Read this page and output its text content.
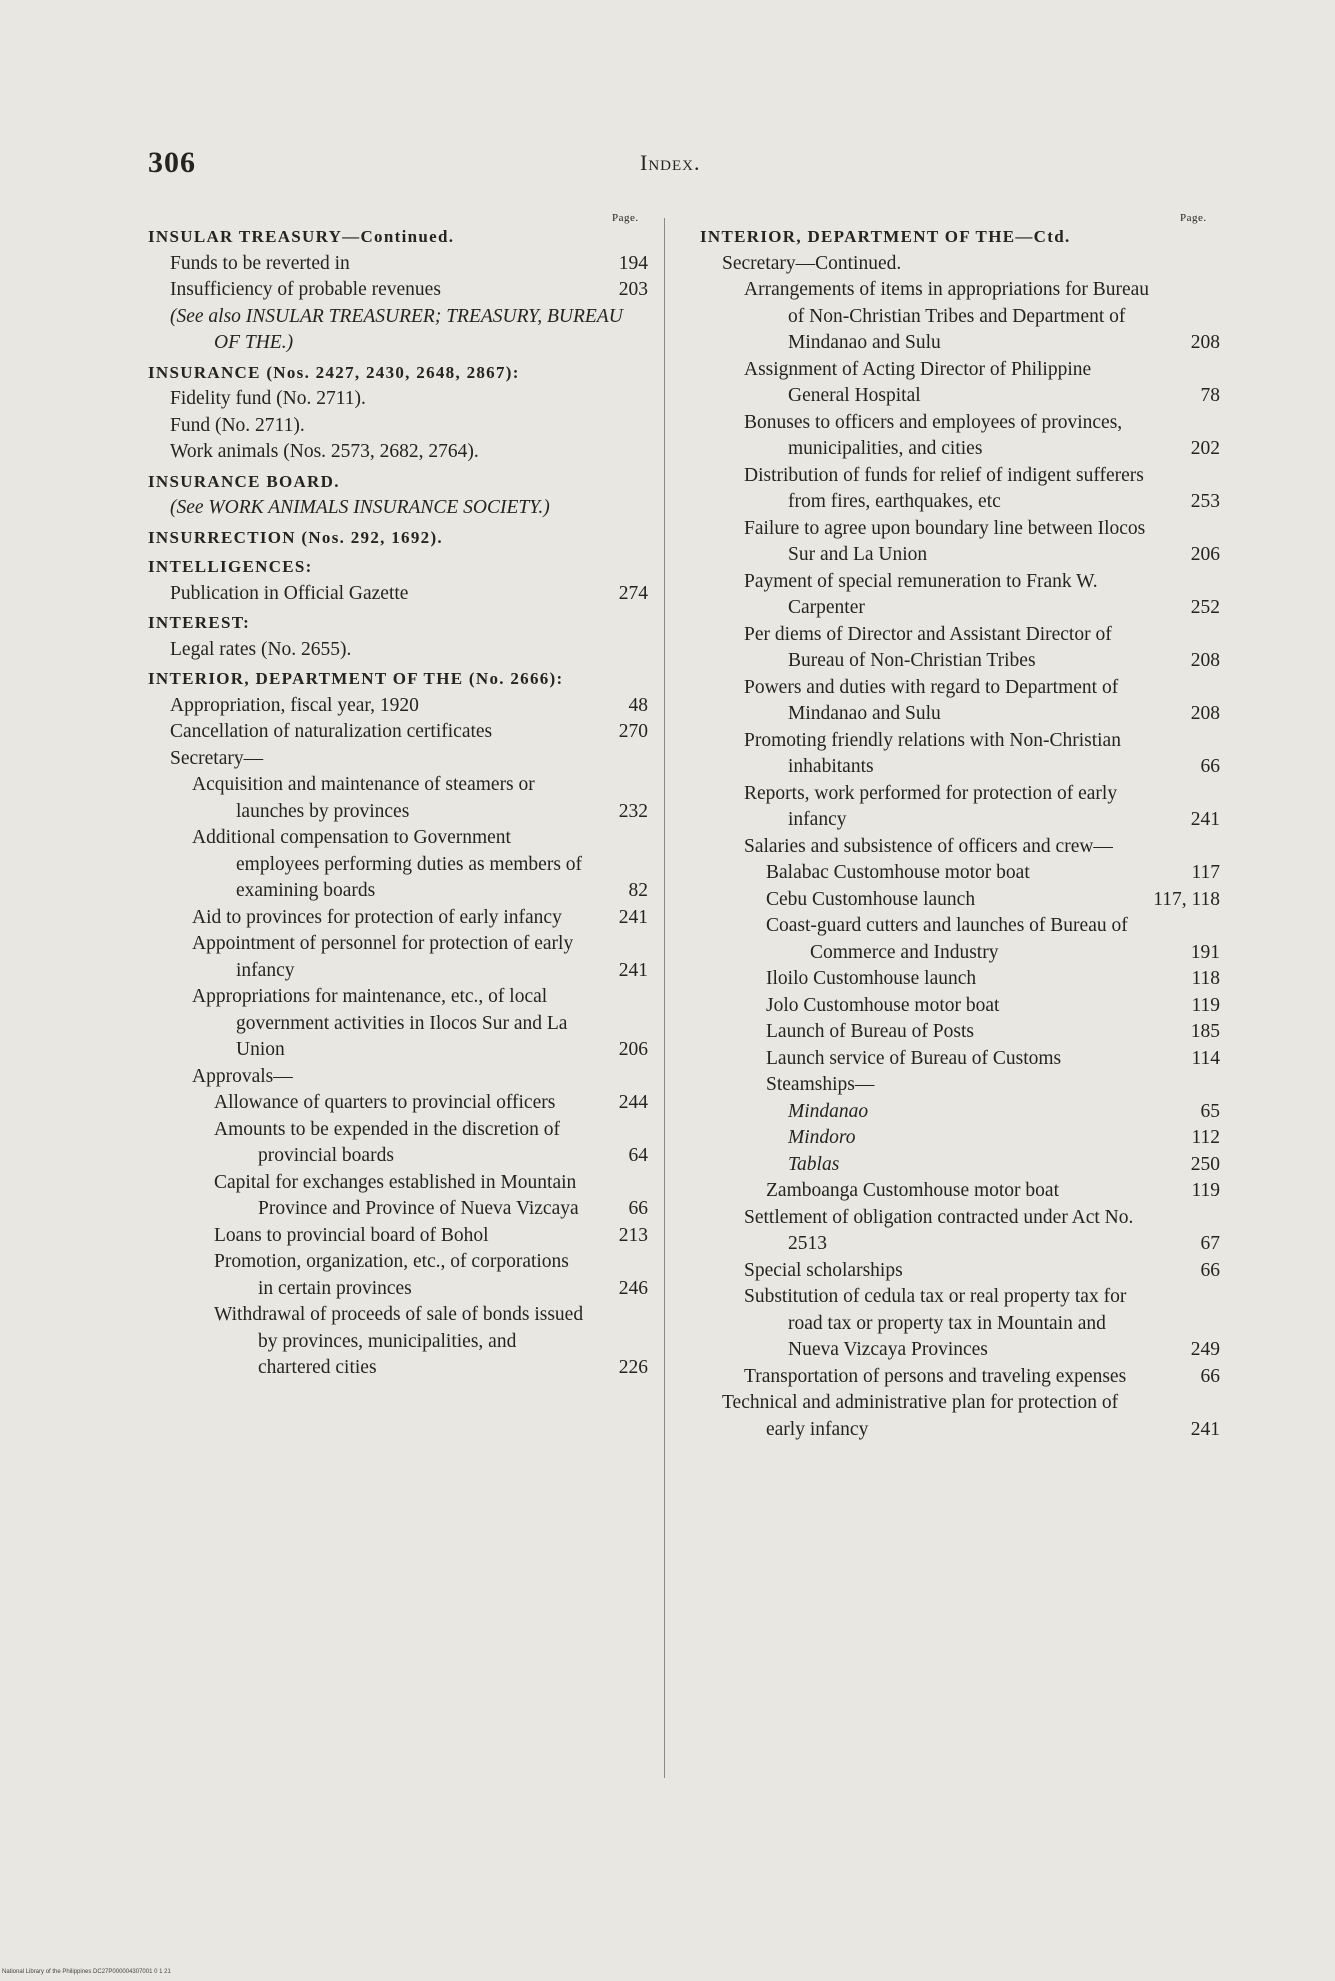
306	Index.
Page.	Page.
INSULAR TREASURY—Continued.
Funds to be reverted in	194
Insufficiency of probable revenues	203
(See also INSULAR TREASURER; TREASURY, BUREAU OF THE.)
INSURANCE (Nos. 2427, 2430, 2648, 2867):
Fidelity fund (No. 2711).
Fund (No. 2711).
Work animals (Nos. 2573, 2682, 2764).
INSURANCE BOARD.
(See WORK ANIMALS INSURANCE SOCIETY.)
INSURRECTION (Nos. 292, 1692).
INTELLIGENCES:
Publication in Official Gazette	274
INTEREST:
Legal rates (No. 2655).
INTERIOR, DEPARTMENT OF THE (No. 2666):
Appropriation, fiscal year, 1920	48
Cancellation of naturalization certificates	270
Secretary—
Acquisition and maintenance of steamers or launches by provinces	232
Additional compensation to Government employees performing duties as members of examining boards	82
Aid to provinces for protection of early infancy	241
Appointment of personnel for protection of early infancy	241
Appropriations for maintenance, etc., of local government activities in Ilocos Sur and La Union	206
Approvals—
Allowance of quarters to provincial officers	244
Amounts to be expended in the discretion of provincial boards	64
Capital for exchanges established in Mountain Province and Province of Nueva Vizcaya	66
Loans to provincial board of Bohol	213
Promotion, organization, etc., of corporations in certain provinces	246
Withdrawal of proceeds of sale of bonds issued by provinces, municipalities, and chartered cities	226
INTERIOR, DEPARTMENT OF THE—Ctd.
Secretary—Continued.
Arrangements of items in appropriations for Bureau of Non-Christian Tribes and Department of Mindanao and Sulu	208
Assignment of Acting Director of Philippine General Hospital	78
Bonuses to officers and employees of provinces, municipalities, and cities	202
Distribution of funds for relief of indigent sufferers from fires, earthquakes, etc	253
Failure to agree upon boundary line between Ilocos Sur and La Union	206
Payment of special remuneration to Frank W. Carpenter	252
Per diems of Director and Assistant Director of Bureau of Non-Christian Tribes	208
Powers and duties with regard to Department of Mindanao and Sulu	208
Promoting friendly relations with Non-Christian inhabitants	66
Reports, work performed for protection of early infancy	241
Salaries and subsistence of officers and crew—
Balabac Customhouse motor boat	117
Cebu Customhouse launch	117, 118
Coast-guard cutters and launches of Bureau of Commerce and Industry	191
Iloilo Customhouse launch	118
Jolo Customhouse motor boat	119
Launch of Bureau of Posts	185
Launch service of Bureau of Customs	114
Steamships—
Mindanao	65
Mindoro	112
Tablas	250
Zamboanga Customhouse motor boat	119
Settlement of obligation contracted under Act No. 2513	67
Special scholarships	66
Substitution of cedula tax or real property tax for road tax or property tax in Mountain and Nueva Vizcaya Provinces	249
Transportation of persons and traveling expenses	66
Technical and administrative plan for protection of early infancy	241
National Library of the Philippines DC27P000004307001 0 1 21
